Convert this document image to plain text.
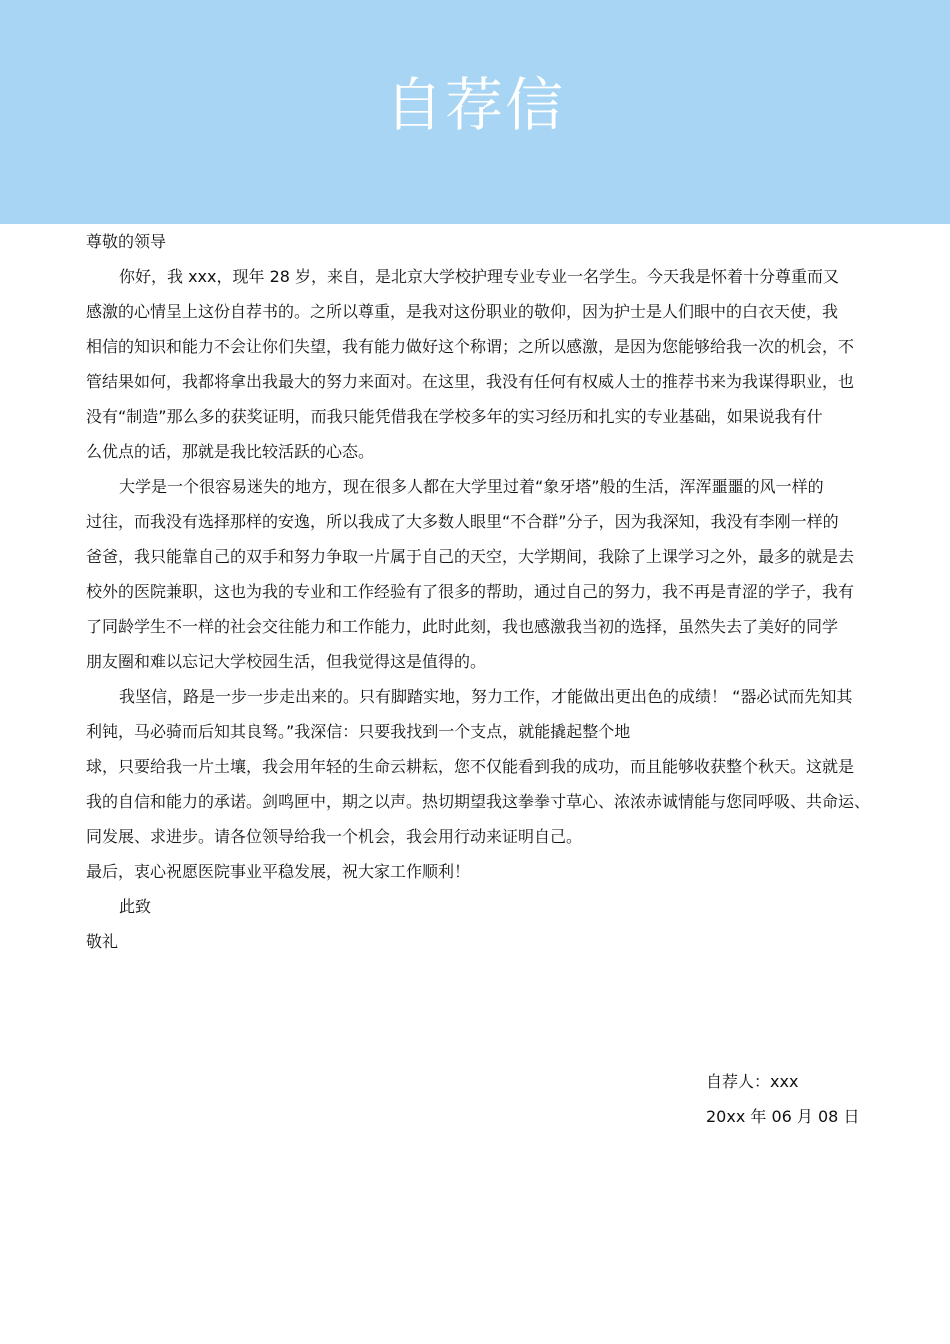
自荐信
尊敬的领导
你好，我 xxx，现年 28 岁，来自，是北京大学校护理专业专业一名学生。今天我是怀着十分尊重而又
感激的心情呈上这份自荐书的。之所以尊重，是我对这份职业的敬仰，因为护士是人们眼中的白衣天使，我
相信的知识和能力不会让你们失望，我有能力做好这个称谓；之所以感激，是因为您能够给我一次的机会，不
管结果如何，我都将拿出我最大的努力来面对。在这里，我没有任何有权威人士的推荐书来为我谋得职业，也
没有“制造”那么多的获奖证明，而我只能凭借我在学校多年的实习经历和扎实的专业基础，如果说我有什
么优点的话，那就是我比较活跃的心态。
大学是一个很容易迷失的地方，现在很多人都在大学里过着“象牙塔”般的生活，浑浑噩噩的风一样的
过往，而我没有选择那样的安逸，所以我成了大多数人眼里“不合群”分子，因为我深知，我没有李刚一样的
爸爸，我只能靠自己的双手和努力争取一片属于自己的天空，大学期间，我除了上课学习之外，最多的就是去
校外的医院兼职，这也为我的专业和工作经验有了很多的帮助，通过自己的努力，我不再是青涩的学子，我有
了同龄学生不一样的社会交往能力和工作能力，此时此刻，我也感激我当初的选择，虽然失去了美好的同学
朋友圈和难以忘记大学校园生活，但我觉得这是值得的。
我坚信，路是一步一步走出来的。只有脚踏实地，努力工作，才能做出更出色的成绩！ “器必试而先知其
利钝，马必骑而后知其良驽。”我深信：只要我找到一个支点，就能撬起整个地
球，只要给我一片土壤，我会用年轻的生命云耕耘，您不仅能看到我的成功，而且能够收获整个秋天。这就是
我的自信和能力的承诺。剑鸣匣中，期之以声。热切期望我这拳拳寸草心、浓浓赤诚情能与您同呼吸、共命运、
同发展、求进步。请各位领导给我一个机会，我会用行动来证明自己。
最后，衷心祝愿医院事业平稳发展，祝大家工作顺利！
此致
敬礼
自荐人：xxx
20xx 年 06 月 08 日
